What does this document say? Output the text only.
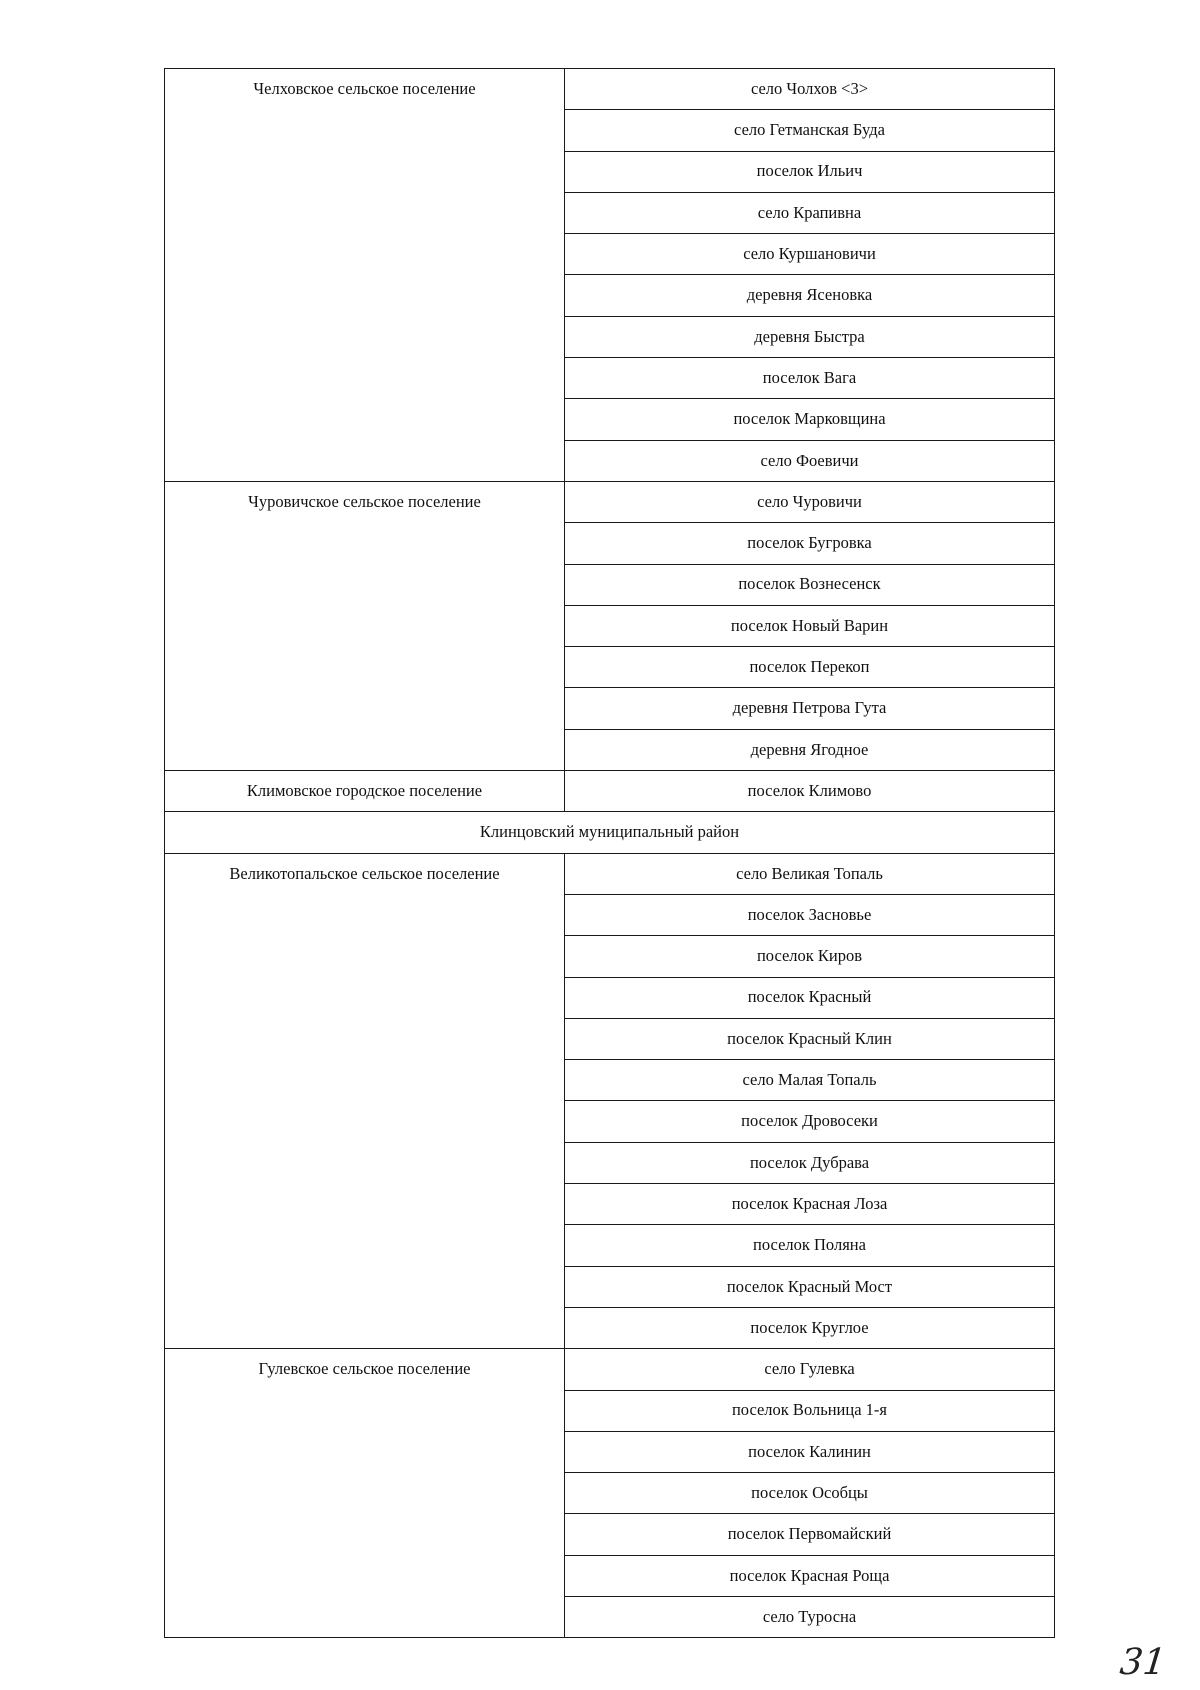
Челховское сельское поселение	село Чолхов <3>
	село Гетманская Буда
	поселок Ильич
	село Крапивна
	село Куршановичи
	деревня Ясеновка
	деревня Быстра
	поселок Вага
	поселок Марковщина
	село Фоевичи
Чуровичское сельское поселение	село Чуровичи
	поселок Бугровка
	поселок Вознесенск
	поселок Новый Варин
	поселок Перекоп
	деревня Петрова Гута
	деревня Ягодное
Климовское городское поселение	поселок Климово
Клинцовский муниципальный район	
Великотопальское сельское поселение	село Великая Топаль
	поселок Засновье
	поселок Киров
	поселок Красный
	поселок Красный Клин
	село Малая Топаль
	поселок Дровосеки
	поселок Дубрава
	поселок Красная Лоза
	поселок Поляна
	поселок Красный Мост
	поселок Круглое
Гулевское сельское поселение	село Гулевка
	поселок Вольница 1-я
	поселок Калинин
	поселок Особцы
	поселок Первомайский
	поселок Красная Роща
	село Туросна
31
